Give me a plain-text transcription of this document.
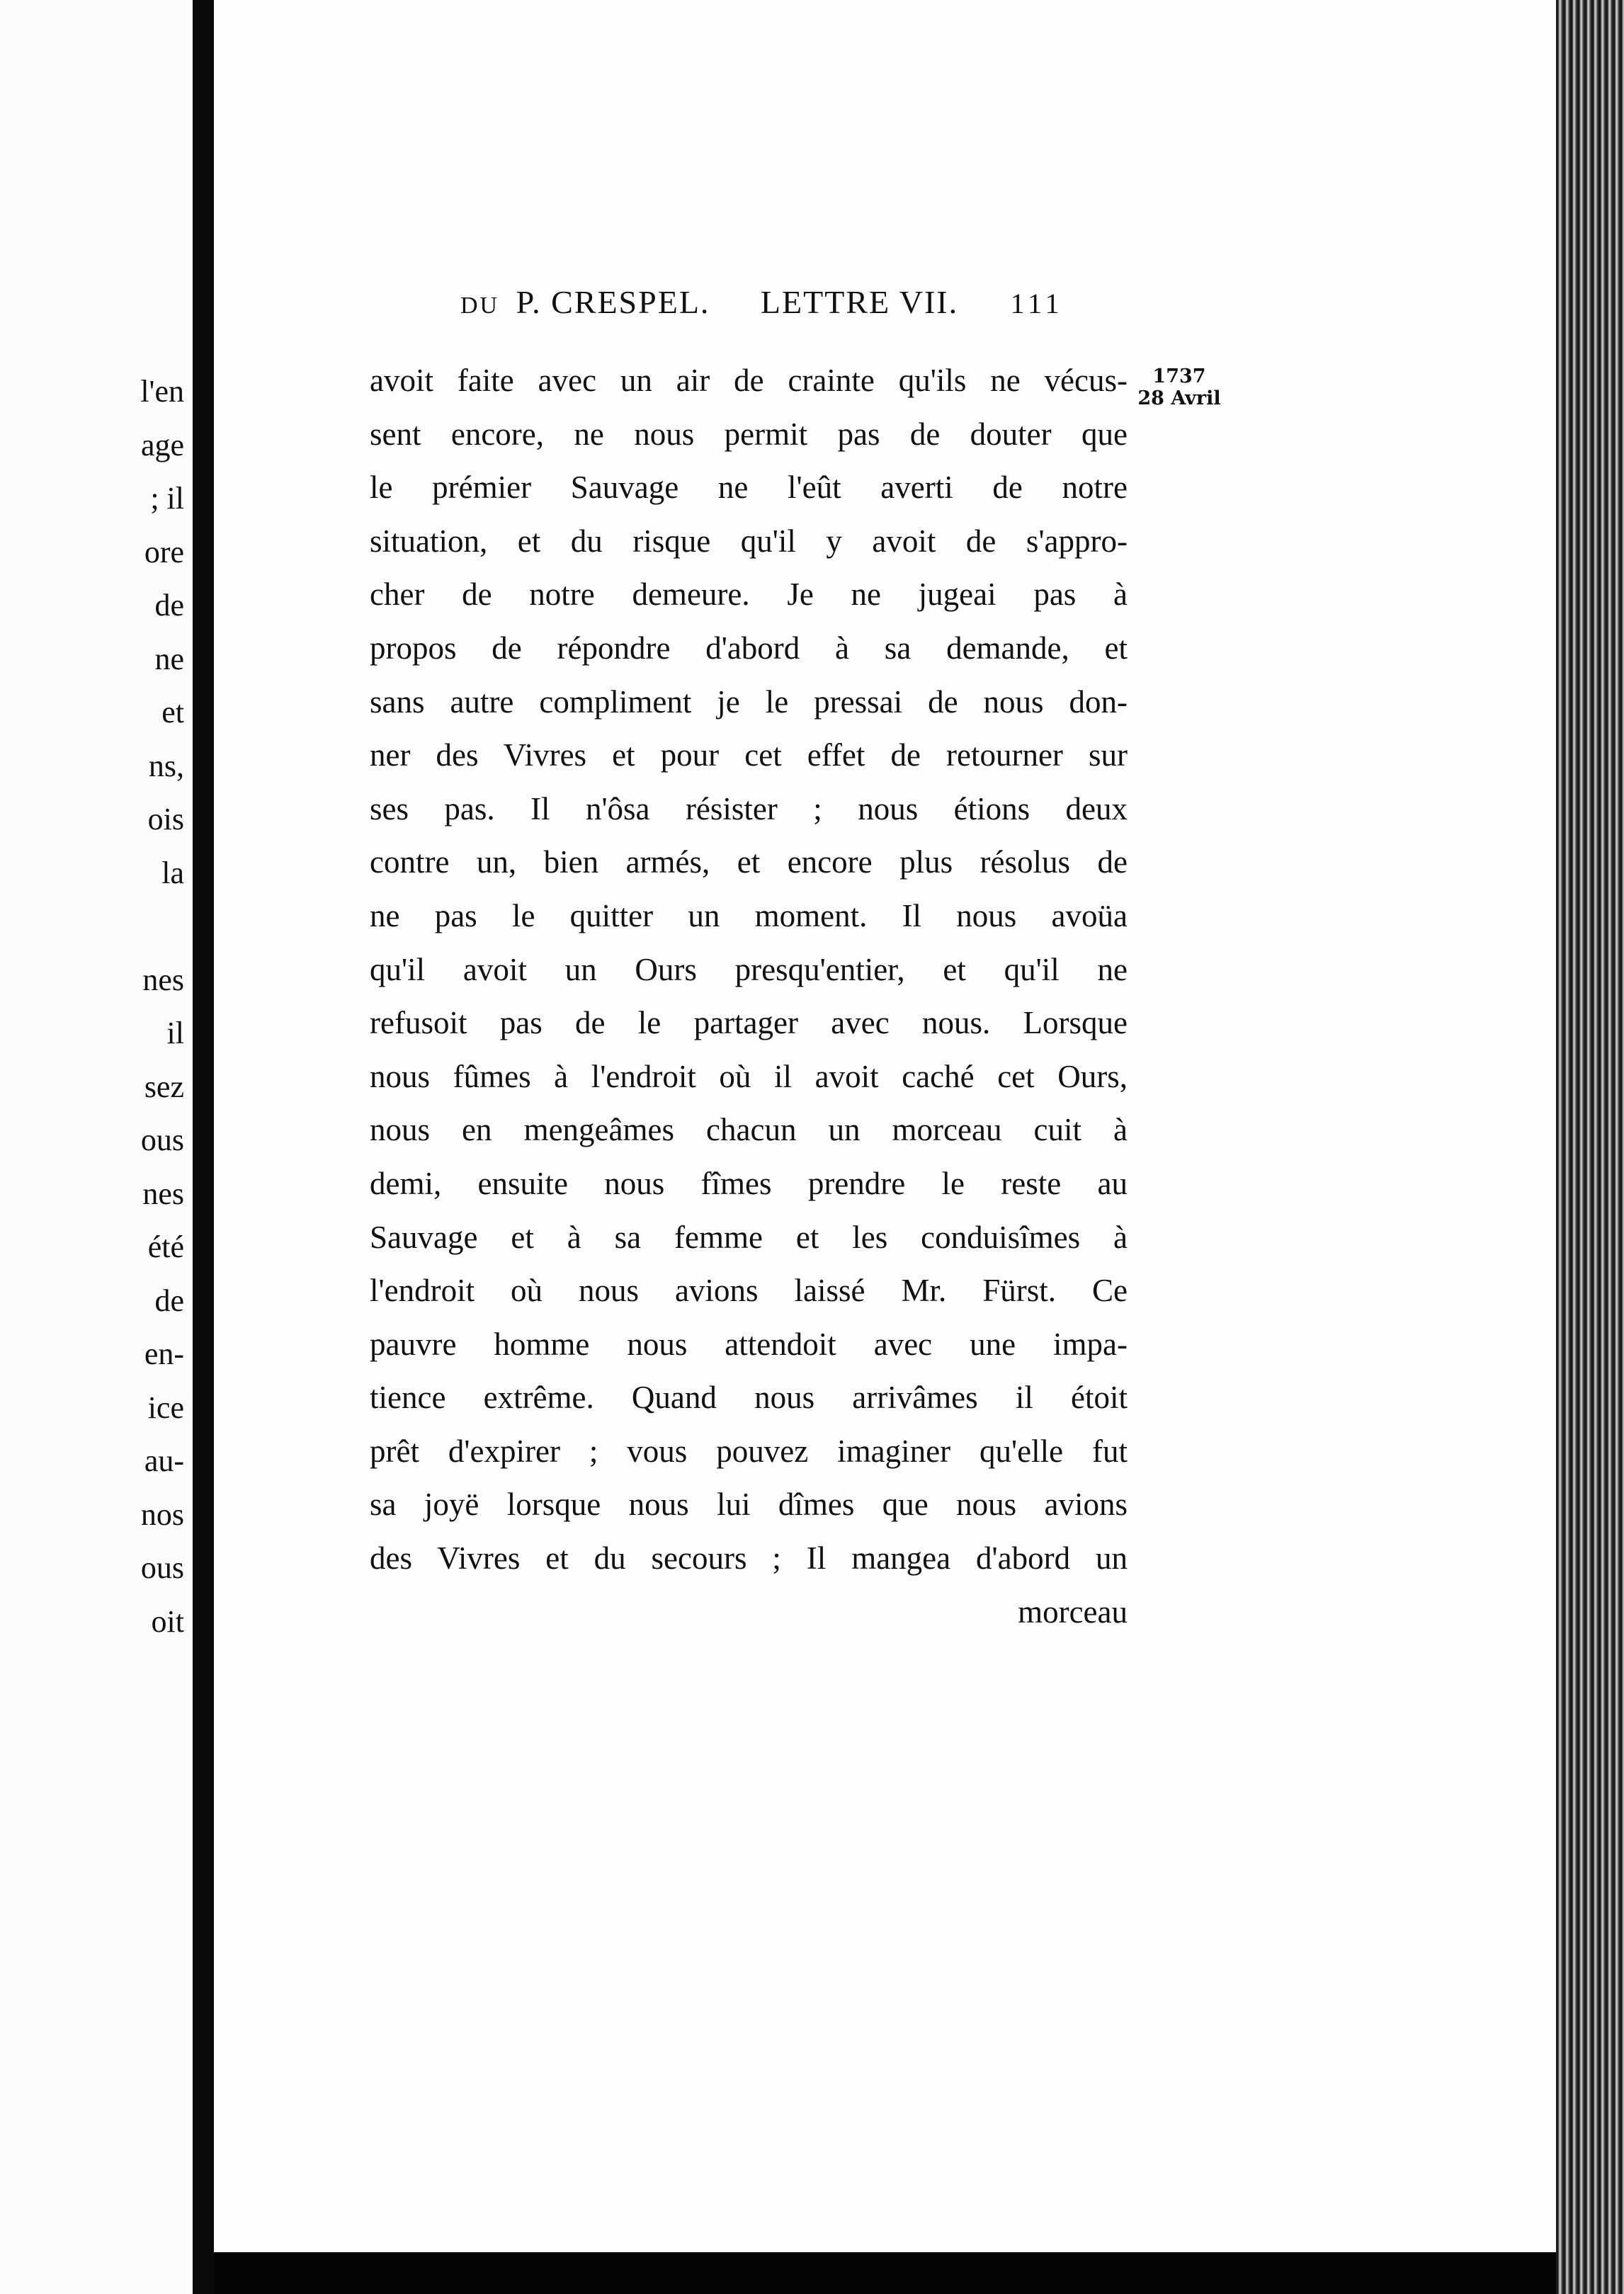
l'en
age
; il
ore
de
ne
et
ns,
ois
la
nes
il
sez
ous
nes
été
de
en-
ice
au-
nos
ous
oit
DU P. CRESPEL. LETTRE VII. 111
1737
28 Avril
avoit faite avec un air de crainte qu'ils ne vécus-
sent encore, ne nous permit pas de douter que
le prémier Sauvage ne l'eût averti de notre
situation, et du risque qu'il y avoit de s'appro-
cher de notre demeure. Je ne jugeai pas à
propos de répondre d'abord à sa demande, et
sans autre compliment je le pressai de nous don-
ner des Vivres et pour cet effet de retourner sur
ses pas. Il n'ôsa résister ; nous étions deux
contre un, bien armés, et encore plus résolus de
ne pas le quitter un moment. Il nous avoüa
qu'il avoit un Ours presqu'entier, et qu'il ne
refusoit pas de le partager avec nous. Lorsque
nous fûmes à l'endroit où il avoit caché cet Ours,
nous en mengeâmes chacun un morceau cuit à
demi, ensuite nous fîmes prendre le reste au
Sauvage et à sa femme et les conduisîmes à
l'endroit où nous avions laissé Mr. Fürst. Ce
pauvre homme nous attendoit avec une impa-
tience extrême. Quand nous arrivâmes il étoit
prêt d'expirer ; vous pouvez imaginer qu'elle fut
sa joyë lorsque nous lui dîmes que nous avions
des Vivres et du secours ; Il mangea d'abord un
morceau
